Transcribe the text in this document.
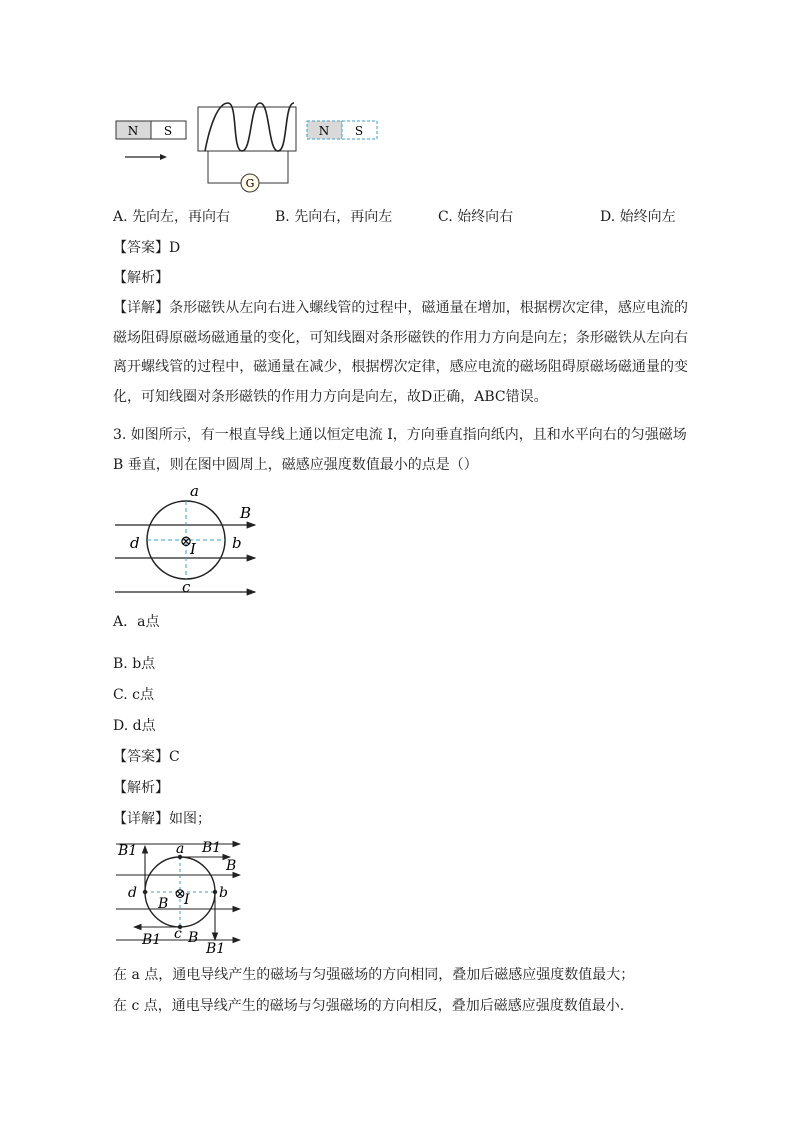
N S
G
N S
A. 先向左，再向右	B. 先向右，再向左	C. 始终向右	D. 始终向左
【答案】D
【解析】
【详解】条形磁铁从左向右进入螺线管的过程中，磁通量在增加，根据楞次定律，感应电流的磁场阻碍原磁场磁通量的变化，可知线圈对条形磁铁的作用力方向是向左；条形磁铁从左向右离开螺线管的过程中，磁通量在减少，根据楞次定律，感应电流的磁场阻碍原磁场磁通量的变化，可知线圈对条形磁铁的作用力方向是向左，故D正确，ABC错误。
3. 如图所示，有一根直导线上通以恒定电流 I，方向垂直指向纸内，且和水平向右的匀强磁场
B 垂直，则在图中圆周上，磁感应强度数值最小的点是（）
⊗
a
b
c
d
B
I
A．a点
B. b点
C. c点
D. d点
【答案】C
【解析】
【详解】如图；
⊗
I
B1	B1
B
a
b
d
B
c B
B1
B1
在 a 点，通电导线产生的磁场与匀强磁场的方向相同，叠加后磁感应强度数值最大；
在 c 点，通电导线产生的磁场与匀强磁场的方向相反，叠加后磁感应强度数值最小.
